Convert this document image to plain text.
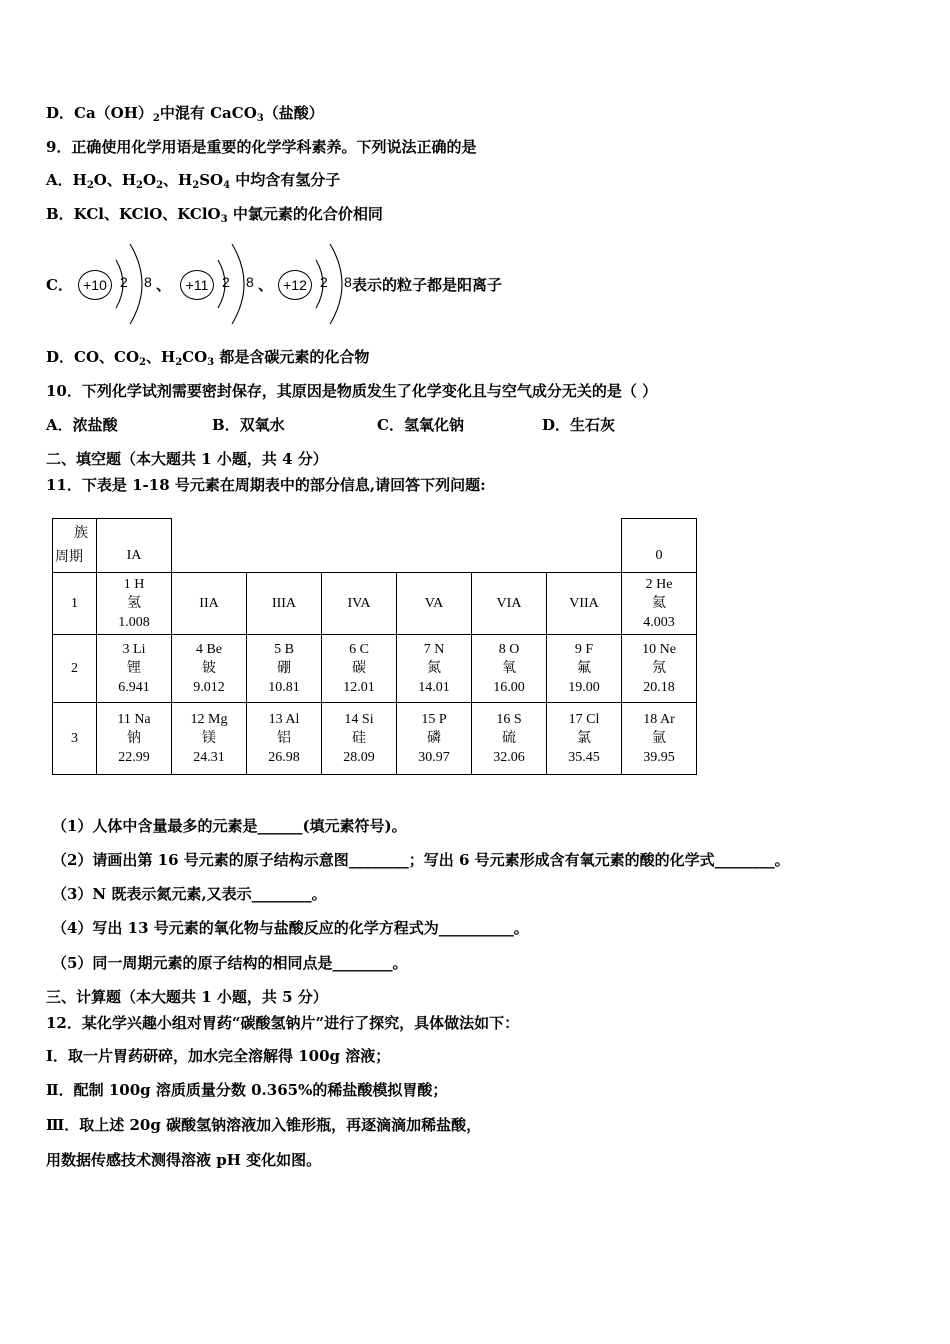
D．$Ca(OH)_2$中混有 CaCO$_3$（盐酸）
9．正确使用化学用语是重要的化学学科素养。下列说法正确的是
A．$H_2O$、$H_2O_2$、$H_2SO_4$ 中均含有氢分子
B．KCl、KClO、KClO$_3$ 中氯元素的化合价相同
C． +10 2 8 、	+11 2 8 、 +12 2 8 表示的粒子都是阳离子
D．CO、$CO_2$、$H_2CO_3$ 都是含碳元素的化合物
10．下列化学试剂需要密封保存，其原因是物质发生了化学变化且与空气成分无关的是（ ）
A．浓盐酸	B．双氧水	C．氢氧化钠	D．生石灰
二、填空题（本大题共 1 小题，共 4 分）
11．下表是 1-18 号元素在周期表中的部分信息,请回答下列问题:
族
周期	IA							0
1	1 H
氢
1.008	IIA	IIIA	IVA	VA	VIA	VIIA	2 He
氦
4.003

2	3 Li
锂
6.941	4 Be
铍
9.012	5 B
硼
10.81	6 C
碳
12.01	7 N
氮
14.01	8 O
氧
16.00	9 F
氟
19.00	10 Ne
氖
20.18

3	11 Na
钠
22.99	12 Mg
镁
24.31	13 Al
铝
26.98	14 Si
硅
28.09	15 P
磷
30.97	16 S
硫
32.06	17 Cl
氯
35.45	18 Ar
氩
39.95
（1）人体中含量最多的元素是______(填元素符号)。
（2）请画出第 16 号元素的原子结构示意图________；写出 6 号元素形成含有氧元素的酸的化学式________。
（3）N 既表示氮元素,又表示________。
（4）写出 13 号元素的氧化物与盐酸反应的化学方程式为__________。
（5）同一周期元素的原子结构的相同点是________。
三、计算题（本大题共 1 小题，共 5 分）
12．某化学兴趣小组对胃药“碳酸氢钠片”进行了探究，具体做法如下：
Ⅰ．取一片胃药研碎，加水完全溶解得 100g 溶液；
Ⅱ．配制 100g 溶质质量分数 0.365%的稀盐酸模拟胃酸；
Ⅲ．取上述 20g 碳酸氢钠溶液加入锥形瓶，再逐滴滴加稀盐酸，
用数据传感技术测得溶液 pH 变化如图。
